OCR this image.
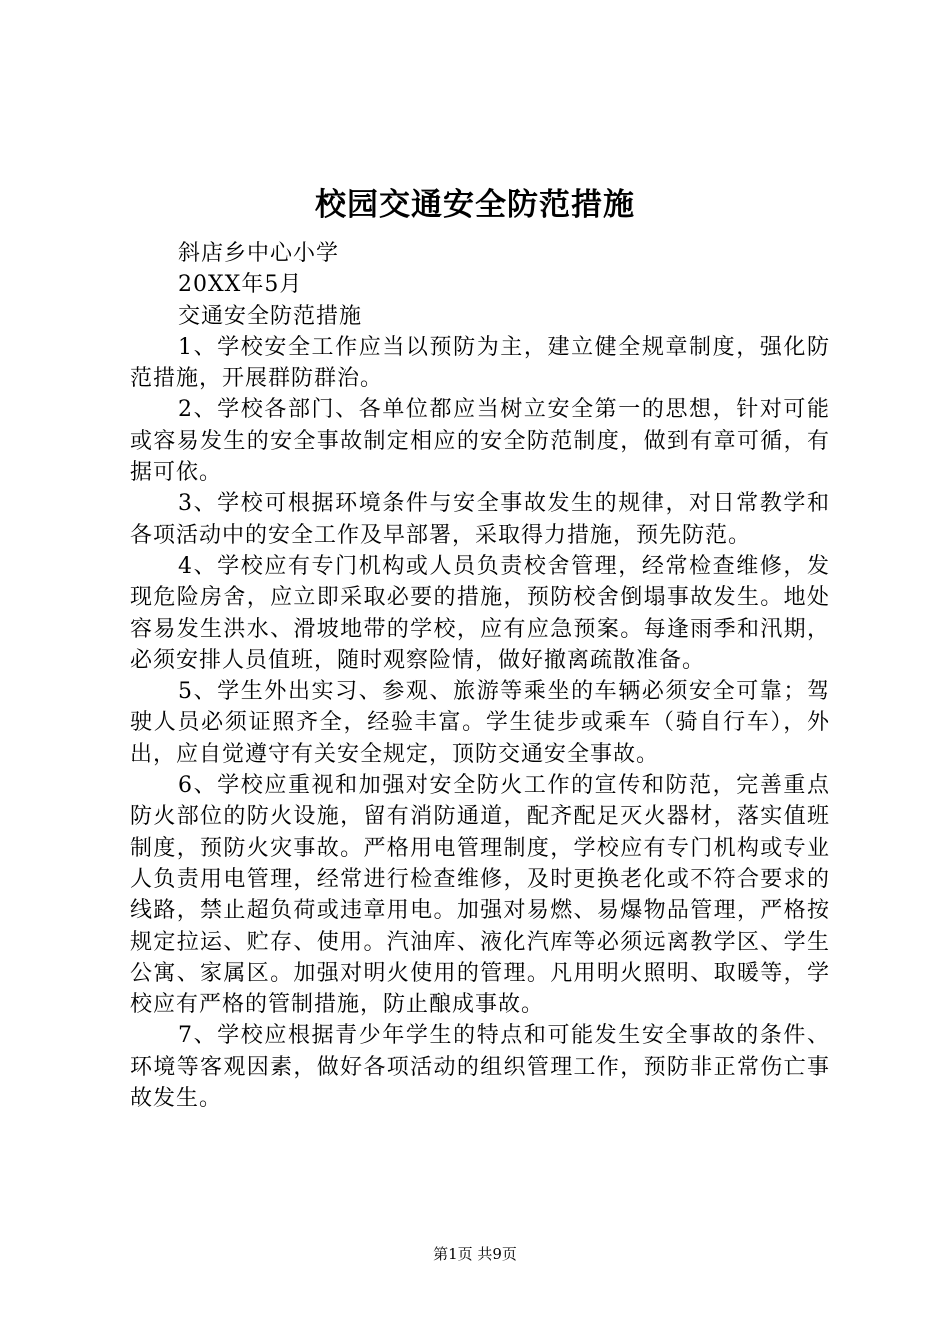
校园交通安全防范措施

斜店乡中心小学

20XX年5月

交通安全防范措施

1、学校安全工作应当以预防为主，建立健全规章制度，强化防范措施，开展群防群治。

2、学校各部门、各单位都应当树立安全第一的思想，针对可能或容易发生的安全事故制定相应的安全防范制度，做到有章可循，有据可依。

3、学校可根据环境条件与安全事故发生的规律，对日常教学和各项活动中的安全工作及早部署，采取得力措施，预先防范。

4、学校应有专门机构或人员负责校舍管理，经常检查维修，发现危险房舍，应立即采取必要的措施，预防校舍倒塌事故发生。地处容易发生洪水、滑坡地带的学校，应有应急预案。每逢雨季和汛期，必须安排人员值班，随时观察险情，做好撤离疏散准备。

5、学生外出实习、参观、旅游等乘坐的车辆必须安全可靠；驾驶人员必须证照齐全，经验丰富。学生徒步或乘车（骑自行车），外出，应自觉遵守有关安全规定，顶防交通安全事故。

6、学校应重视和加强对安全防火工作的宣传和防范，完善重点防火部位的防火设施，留有消防通道，配齐配足灭火器材，落实值班制度，预防火灾事故。严格用电管理制度，学校应有专门机构或专业人负责用电管理，经常进行检查维修，及时更换老化或不符合要求的线路，禁止超负荷或违章用电。加强对易燃、易爆物品管理，严格按规定拉运、贮存、使用。汽油库、液化汽库等必须远离教学区、学生公寓、家属区。加强对明火使用的管理。凡用明火照明、取暖等，学校应有严格的管制措施，防止酿成事故。

7、学校应根据青少年学生的特点和可能发生安全事故的条件、环境等客观因素，做好各项活动的组织管理工作，预防非正常伤亡事故发生。

第1页 共9页
